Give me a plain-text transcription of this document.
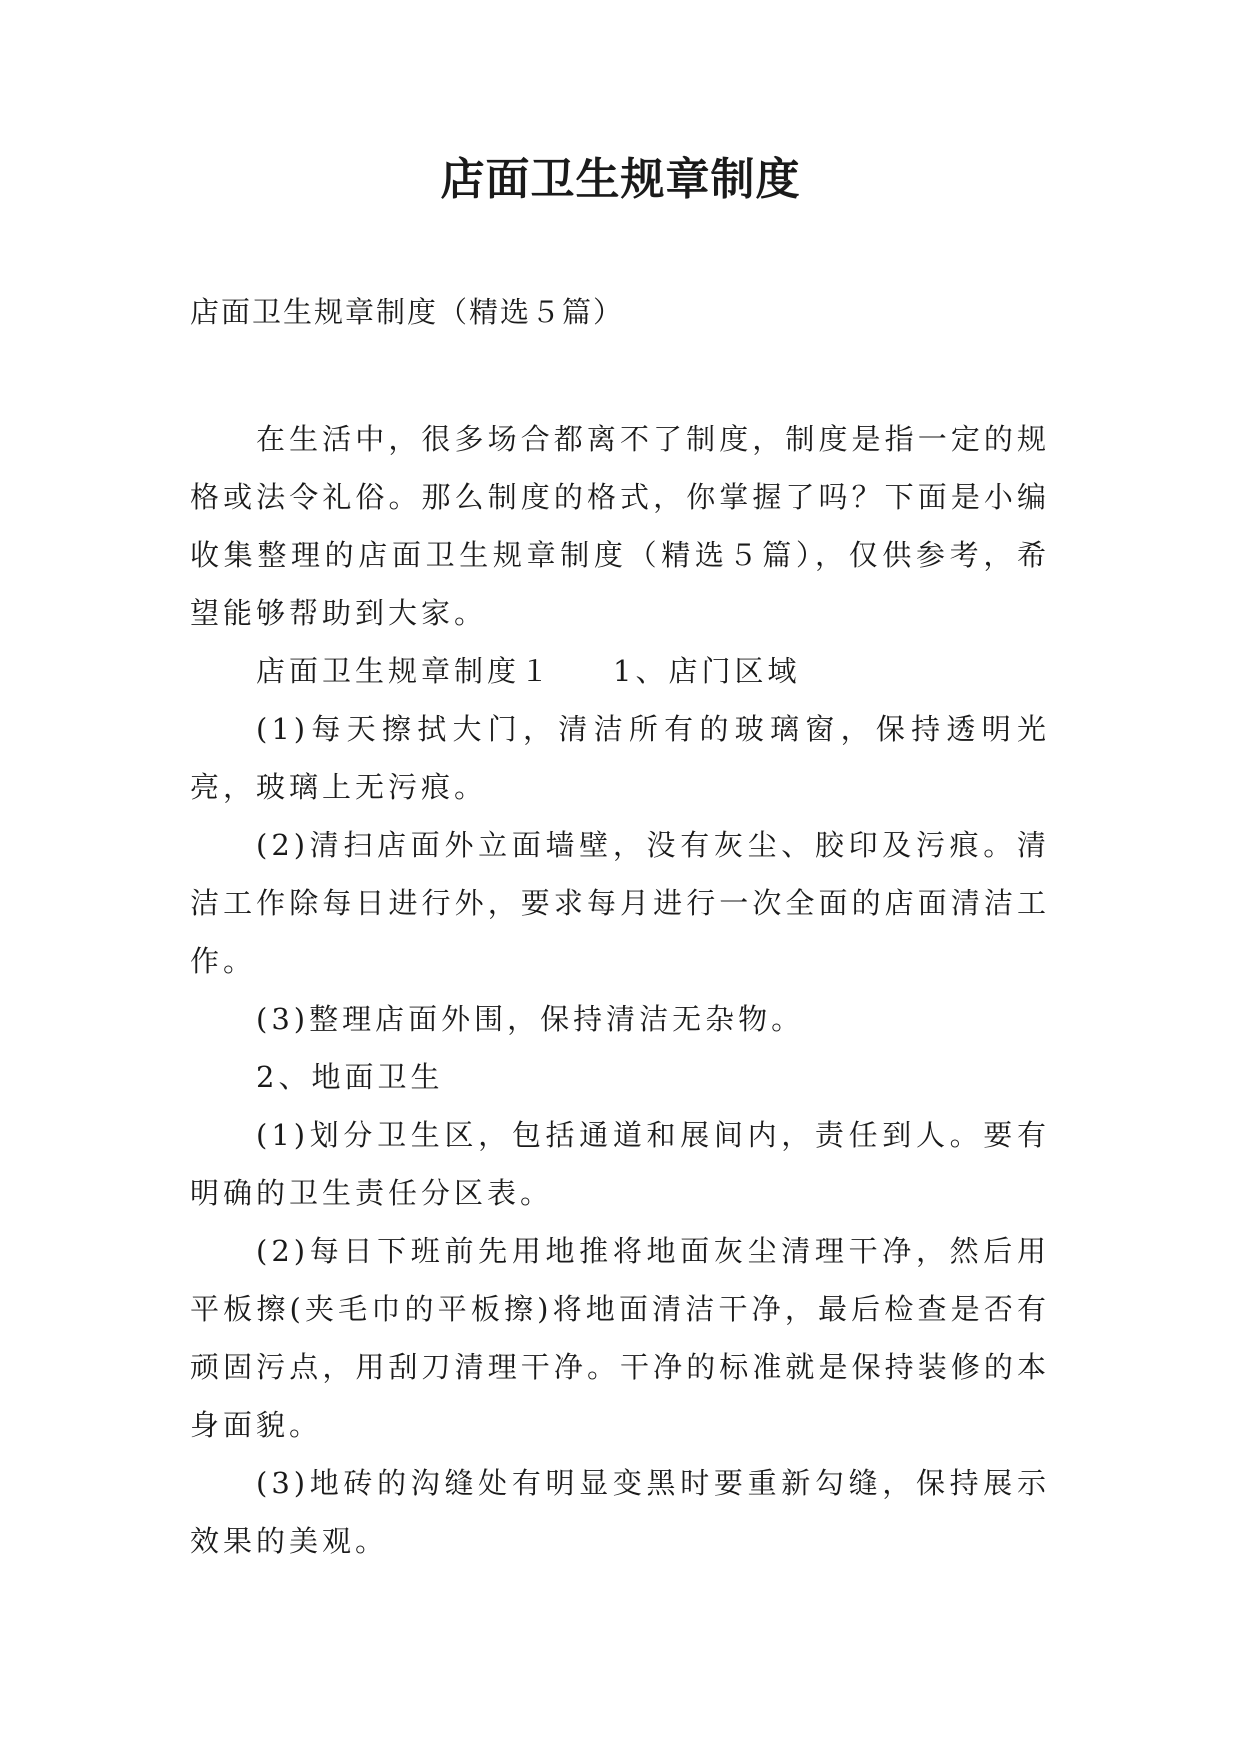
店面卫生规章制度

店面卫生规章制度（精选５篇）

在生活中，很多场合都离不了制度，制度是指一定的规格或法令礼俗。那么制度的格式，你掌握了吗？下面是小编收集整理的店面卫生规章制度（精选５篇），仅供参考，希望能够帮助到大家。

店面卫生规章制度１ 1、店门区域

(1)每天擦拭大门，清洁所有的玻璃窗，保持透明光亮，玻璃上无污痕。

(2)清扫店面外立面墙壁，没有灰尘、胶印及污痕。清洁工作除每日进行外，要求每月进行一次全面的店面清洁工作。

(3)整理店面外围，保持清洁无杂物。

2、地面卫生

(1)划分卫生区，包括通道和展间内，责任到人。要有明确的卫生责任分区表。

(2)每日下班前先用地推将地面灰尘清理干净，然后用平板擦(夹毛巾的平板擦)将地面清洁干净，最后检查是否有顽固污点，用刮刀清理干净。干净的标准就是保持装修的本身面貌。

(3)地砖的沟缝处有明显变黑时要重新勾缝，保持展示效果的美观。
